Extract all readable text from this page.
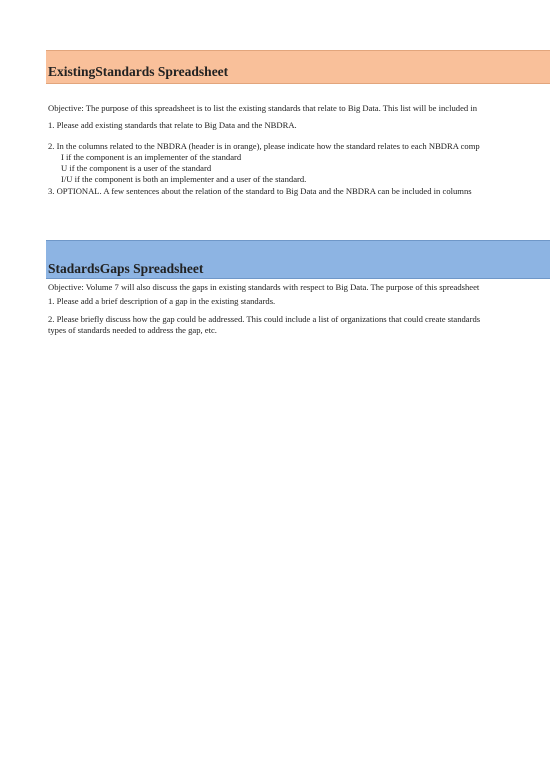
ExistingStandards Spreadsheet
Objective: The purpose of this spreadsheet is to list the existing standards that relate to Big Data. This list will be included in
1. Please add existing standards that relate to Big Data and the NBDRA.
2. In the columns related to the NBDRA (header is in orange), please indicate how the standard relates to each NBDRA comp
I if the component is an implementer of the standard
U if the component is a user of the standard
I/U if the component is both an implementer and a user of the standard.
3. OPTIONAL. A few sentences about the relation of the standard to Big Data and the NBDRA can be included in columns
StadardsGaps Spreadsheet
Objective: Volume 7 will also discuss the gaps in existing standards with respect to Big Data. The purpose of this spreadsheet
1. Please add a brief description of a gap in the existing standards.
2. Please briefly discuss how the gap could be addressed. This could include a list of organizations that could create standards
types of standards needed to address the gap, etc.
